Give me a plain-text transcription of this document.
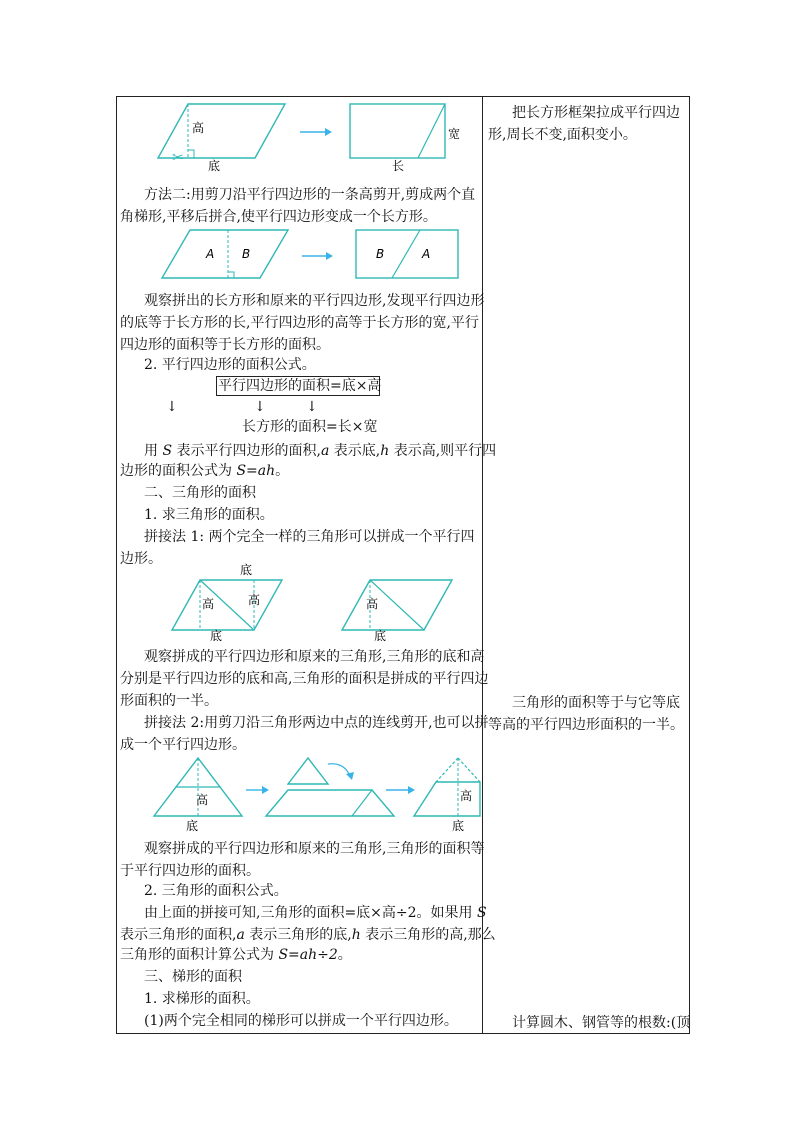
高
底
✂
宽
长
方法二:用剪刀沿平行四边形的一条高剪开,剪成两个直
角梯形,平移后拼合,使平行四边形变成一个长方形。
A B	B	A
观察拼出的长方形和原来的平行四边形,发现平行四边形
的底等于长方形的长,平行四边形的高等于长方形的宽,平行
四边形的面积等于长方形的面积。
2. 平行四边形的面积公式。
平行四边形的面积=底×高
↓	↓	↓
长方形的面积=长×宽
用 S 表示平行四边形的面积,a 表示底,h 表示高,则平行四
边形的面积公式为 S=ah。
二、三角形的面积
1. 求三角形的面积。
拼接法 1: 两个完全一样的三角形可以拼成一个平行四
边形。
底
高	高
底
高
底
观察拼成的平行四边形和原来的三角形,三角形的底和高
分别是平行四边形的底和高,三角形的面积是拼成的平行四边
形面积的一半。
拼接法 2:用剪刀沿三角形两边中点的连线剪开,也可以拼
成一个平行四边形。
高
底
高
底
观察拼成的平行四边形和原来的三角形,三角形的面积等
于平行四边形的面积。
2. 三角形的面积公式。
由上面的拼接可知,三角形的面积=底×高÷2。如果用 S
表示三角形的面积,a 表示三角形的底,h 表示三角形的高,那么
三角形的面积计算公式为 S=ah÷2。
三、梯形的面积
1. 求梯形的面积。
(1)两个完全相同的梯形可以拼成一个平行四边形。
把长方形框架拉成平行四边
形,周长不变,面积变小。
三角形的面积等于与它等底
等高的平行四边形面积的一半。
计算圆木、钢管等的根数:(顶
